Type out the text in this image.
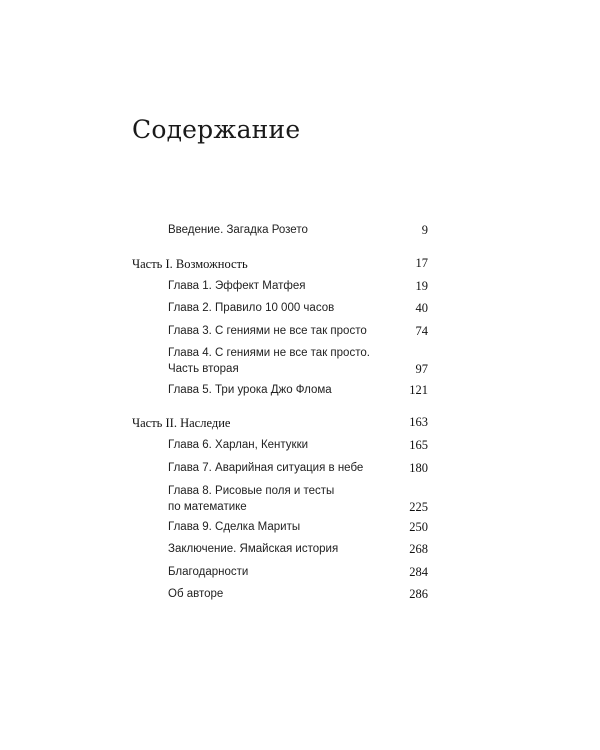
Содержание
Введение. Загадка Розето	9
Часть I. Возможность	17
Глава 1. Эффект Матфея	19
Глава 2. Правило 10 000 часов	40
Глава 3. С гениями не все так просто	74
Глава 4. С гениями не все так просто.
Часть вторая	97
Глава 5. Три урока Джо Флома	121
Часть II. Наследие	163
Глава 6. Харлан, Кентукки	165
Глава 7. Аварийная ситуация в небе	180
Глава 8. Рисовые поля и тесты
по математике	225
Глава 9. Сделка Мариты	250
Заключение. Ямайская история	268
Благодарности	284
Об авторе	286
